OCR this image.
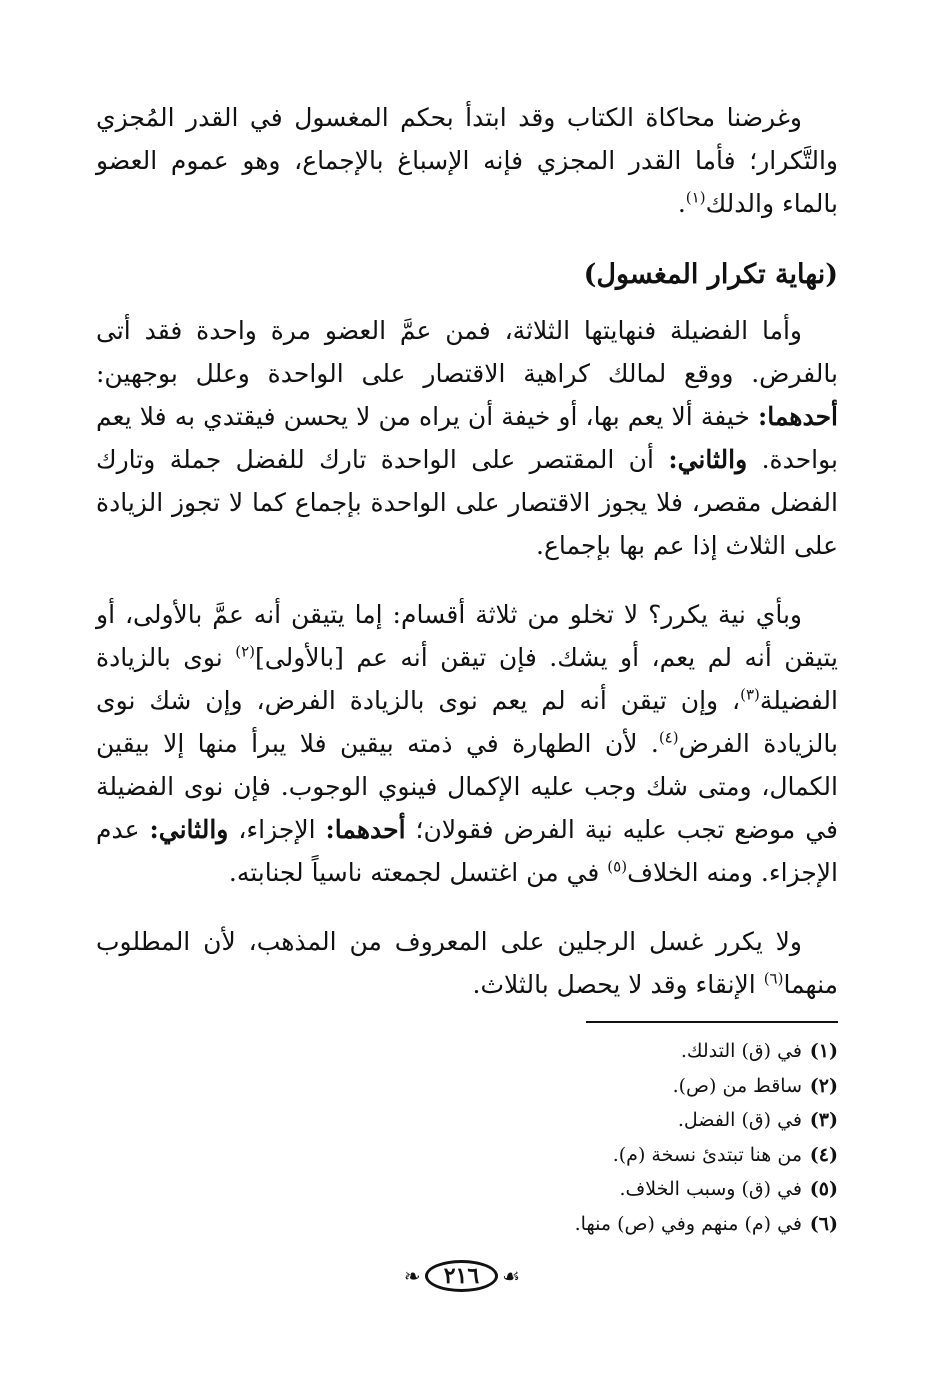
وغرضنا محاكاة الكتاب وقد ابتدأ بحكم المغسول في القدر المُجزي والتَّكرار؛ فأما القدر المجزي فإنه الإسباغ بالإجماع، وهو عموم العضو بالماء والدلك$^{(١)}$.

(نهاية تكرار المغسول)

وأما الفضيلة فنهايتها الثلاثة، فمن عمَّ العضو مرة واحدة فقد أتى بالفرض. ووقع لمالك كراهية الاقتصار على الواحدة وعلل بوجهين: أحدهما: خيفة ألا يعم بها، أو خيفة أن يراه من لا يحسن فيقتدي به فلا يعم بواحدة. والثاني: أن المقتصر على الواحدة تارك للفضل جملة وتارك الفضل مقصر، فلا يجوز الاقتصار على الواحدة بإجماع كما لا تجوز الزيادة على الثلاث إذا عم بها بإجماع.

وبأي نية يكرر؟ لا تخلو من ثلاثة أقسام: إما يتيقن أنه عمَّ بالأولى، أو يتيقن أنه لم يعم، أو يشك. فإن تيقن أنه عم [بالأولى]$^{(٢)}$ نوى بالزيادة الفضيلة$^{(٣)}$، وإن تيقن أنه لم يعم نوى بالزيادة الفرض، وإن شك نوى بالزيادة الفرض$^{(٤)}$. لأن الطهارة في ذمته بيقين فلا يبرأ منها إلا بيقين الكمال، ومتى شك وجب عليه الإكمال فينوي الوجوب. فإن نوى الفضيلة في موضع تجب عليه نية الفرض فقولان؛ أحدهما: الإجزاء، والثاني: عدم الإجزاء. ومنه الخلاف$^{(٥)}$ في من اغتسل لجمعته ناسياً لجنابته.

ولا يكرر غسل الرجلين على المعروف من المذهب، لأن المطلوب منهما$^{(٦)}$ الإنقاء وقد لا يحصل بالثلاث.

(١)في (ق) التدلك.
(٢)ساقط من (ص).
(٣)في (ق) الفضل.
(٤)من هنا تبتدئ نسخة (م).
(٥)في (ق) وسبب الخلاف.
(٦)في (م) منهم وفي (ص) منها.
❧	٢١٦	☙
